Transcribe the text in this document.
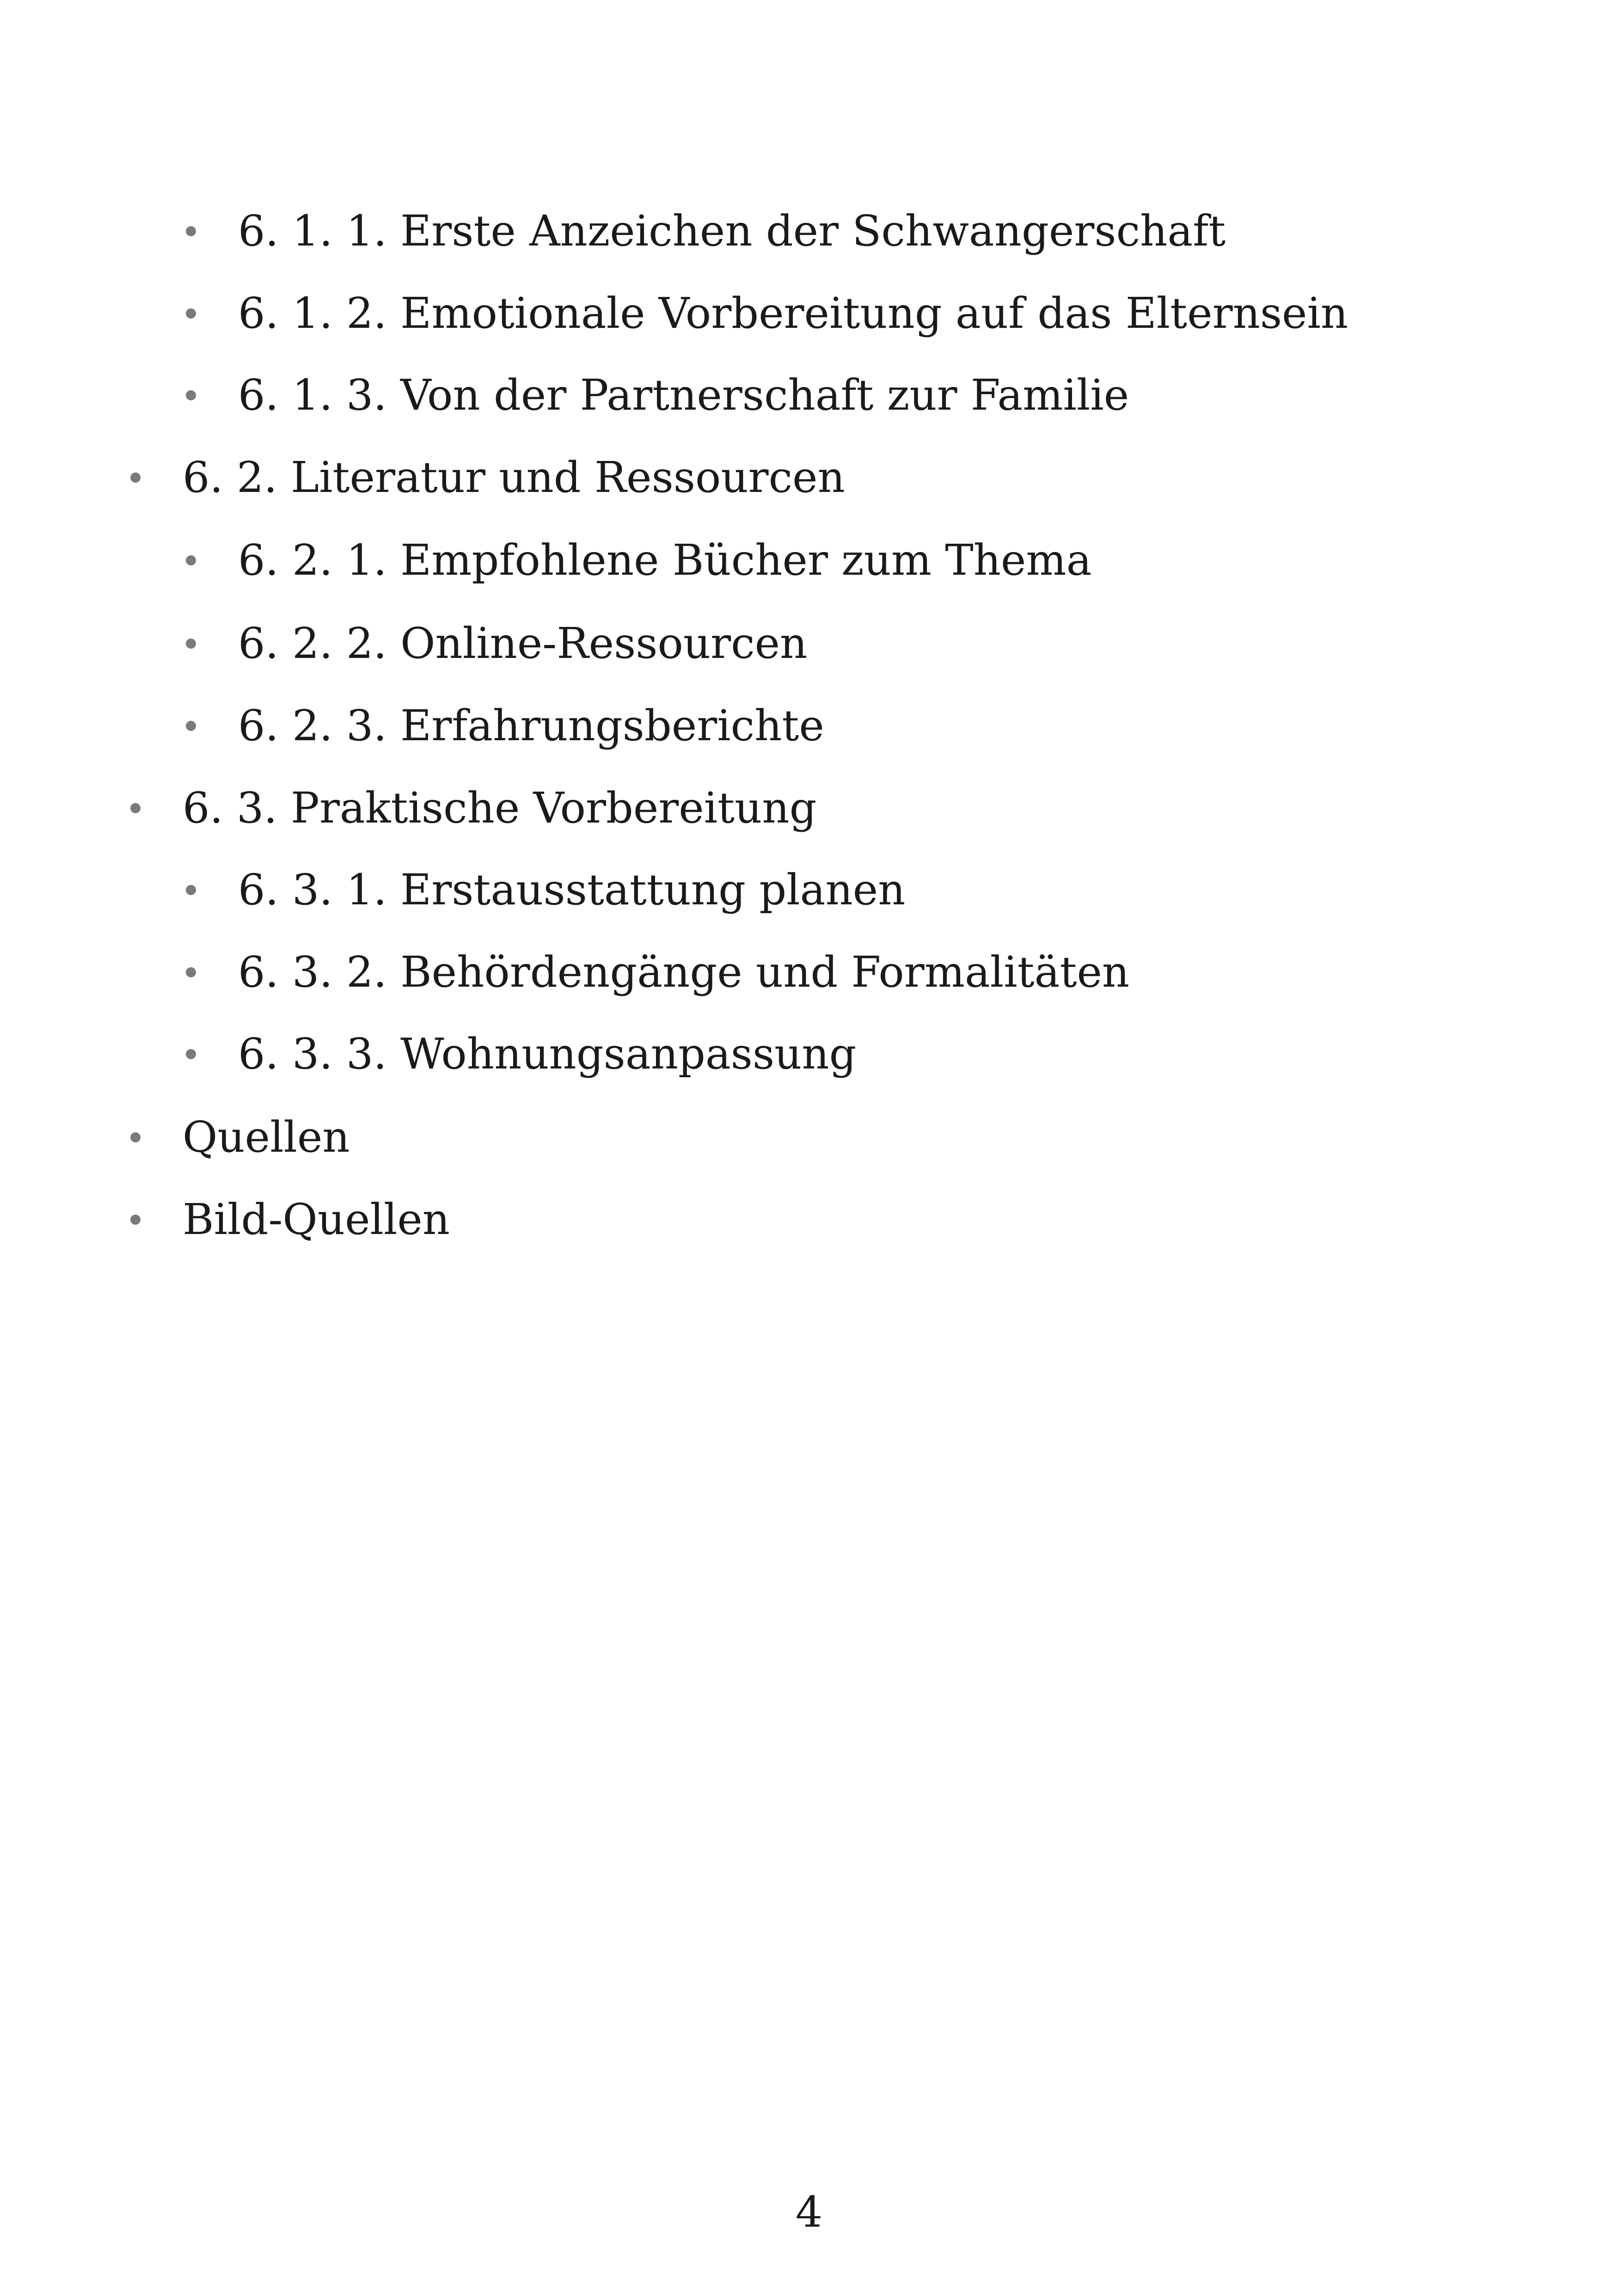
6. 1. 1. Erste Anzeichen der Schwangerschaft
6. 1. 2. Emotionale Vorbereitung auf das Elternsein
6. 1. 3. Von der Partnerschaft zur Familie
6. 2. Literatur und Ressourcen
6. 2. 1. Empfohlene Bücher zum Thema
6. 2. 2. Online-Ressourcen
6. 2. 3. Erfahrungsberichte
6. 3. Praktische Vorbereitung
6. 3. 1. Erstausstattung planen
6. 3. 2. Behördengänge und Formalitäten
6. 3. 3. Wohnungsanpassung
Quellen
Bild-Quellen
4
